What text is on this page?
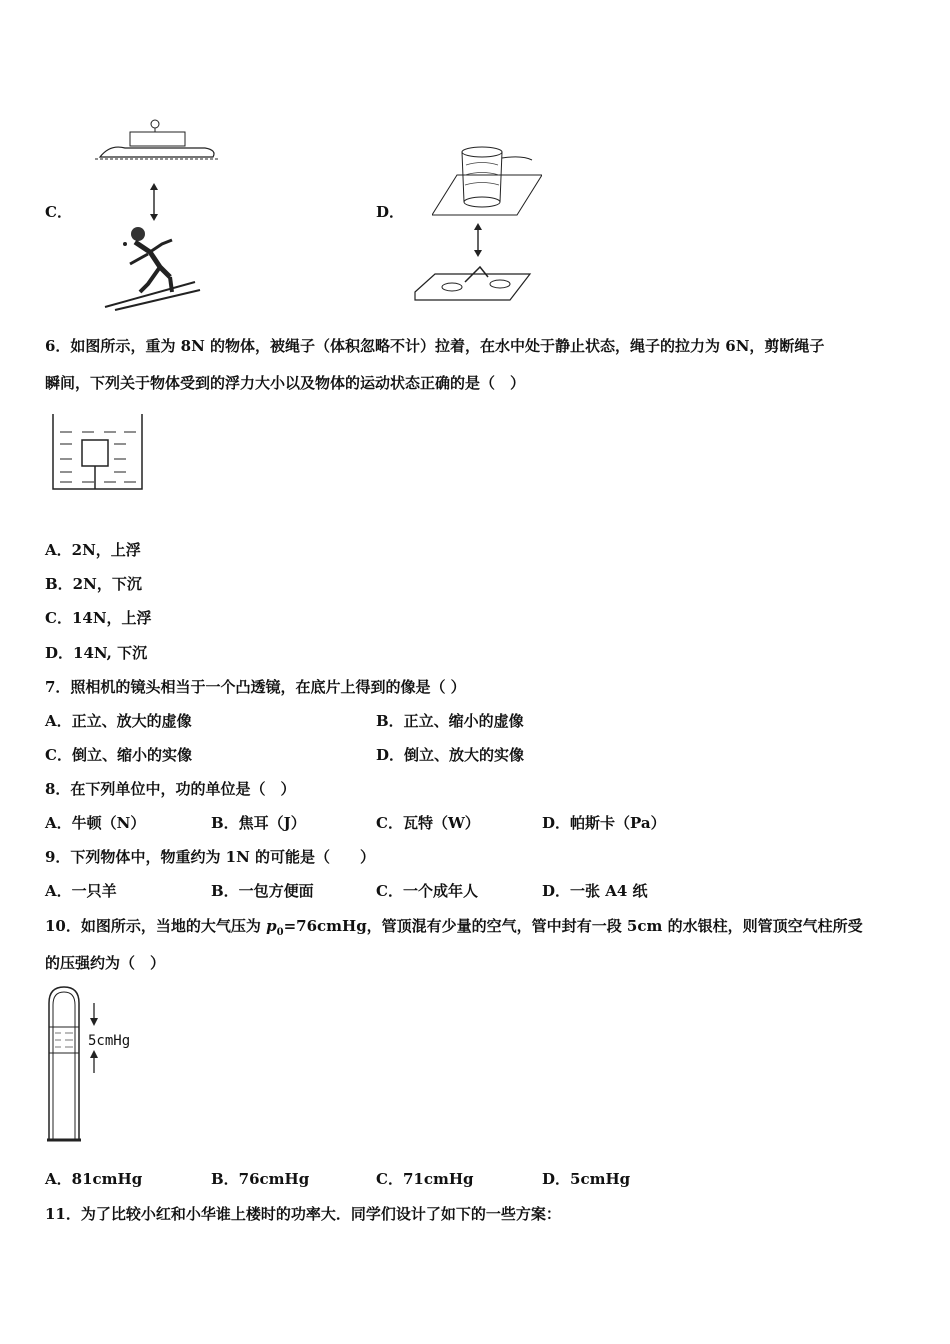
C．	D．
6．如图所示，重为 8N 的物体，被绳子（体积忽略不计）拉着，在水中处于静止状态，绳子的拉力为 6N，剪断绳子
瞬间，下列关于物体受到的浮力大小以及物体的运动状态正确的是（　）
A．2N，上浮
B．2N，下沉
C．14N，上浮
D．14N, 下沉
7．照相机的镜头相当于一个凸透镜，在底片上得到的像是（ ）
A．正立、放大的虚像	B．正立、缩小的虚像
C．倒立、缩小的实像	D．倒立、放大的实像
8．在下列单位中，功的单位是（　）
A．牛顿（N）	B．焦耳（J）	C．瓦特（W）	D．帕斯卡（Pa）
9．下列物体中，物重约为 1N 的可能是（　　）
A．一只羊	B．一包方便面	C．一个成年人	D．一张 A4 纸
10．如图所示，当地的大气压为 $p_0=76cmHg$，管顶混有少量的空气，管中封有一段 5cm 的水银柱，则管顶空气柱所受
的压强约为（　）
5cmHg
A．81cmHg	B．76cmHg	C．71cmHg	D．5cmHg
11．为了比较小红和小华谁上楼时的功率大．同学们设计了如下的一些方案：
